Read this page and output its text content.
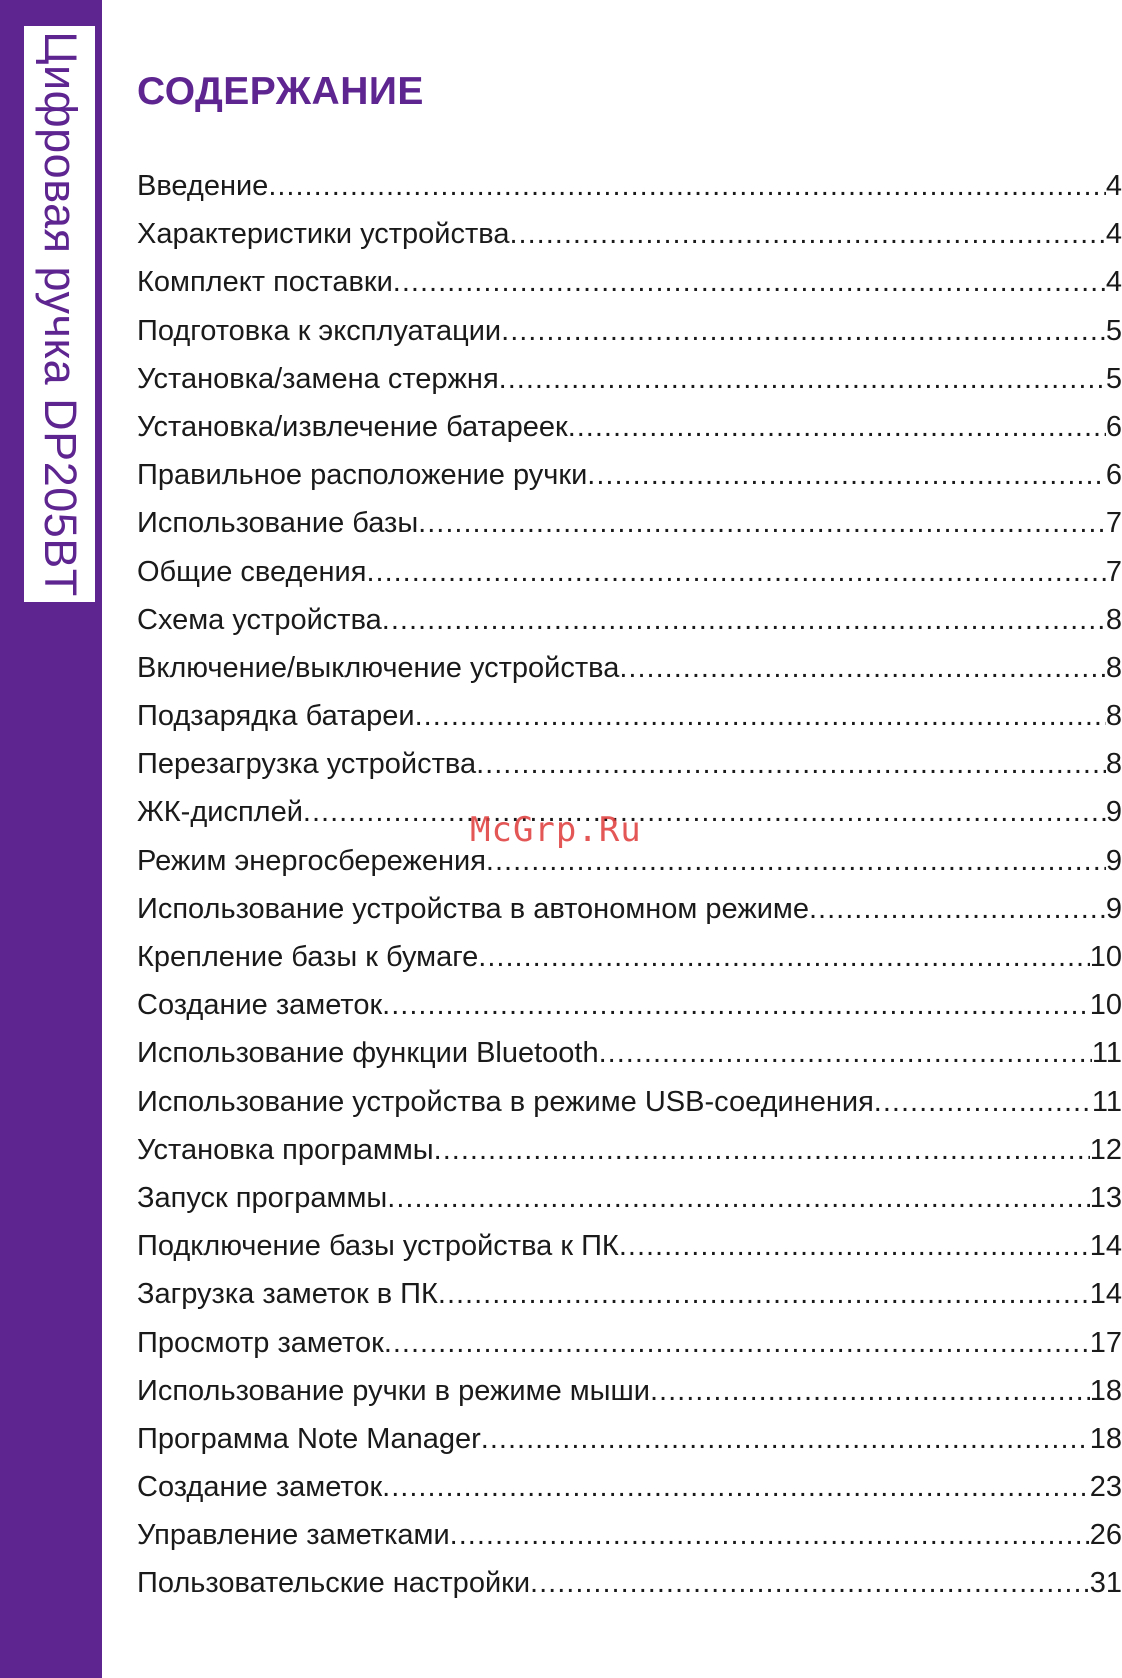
Цифровая ручка DP205BT СОДЕРЖАНИЕ
Введение .....	4
Характеристики устройства .....	4
Комплект поставки .....	4
Подготовка к эксплуатации .....	5
Установка/замена стержня .....	5
Установка/извлечение батареек .....	6
Правильное расположение ручки .....	6
Использование базы .....	7
Общие сведения .....	7
Схема устройства .....	8
Включение/выключение устройства .....	8
Подзарядка батареи .....	8
Перезагрузка устройства .....	8
ЖК-дисплей .....	9
Режим энергосбережения .....	9
Использование устройства в автономном режиме .....	9
Крепление базы к бумаге .....	10
Создание заметок .....	10
Использование функции Bluetooth .....	11
Использование устройства в режиме USB-соединения .....	11
Установка программы .....	12
Запуск программы .....	13
Подключение базы устройства к ПК .....	14
Загрузка заметок в ПК .....	14
Просмотр заметок .....	17
Использование ручки в режиме мыши .....	18
Программа Note Manager .....	18
Создание заметок .....	23
Управление заметками .....	26
Пользовательские настройки .....	31
McGrp.Ru
